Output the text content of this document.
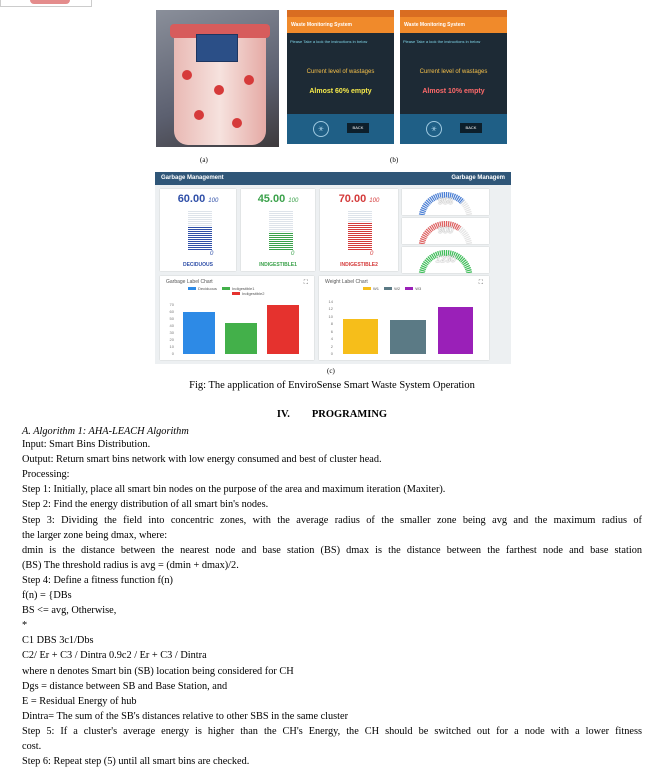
Waste Monitoring System
Please Take a look the instructions in below
Current level of wastages
Almost 60% empty
⚹	BACK
Waste Monitoring System
Please Take a look the instructions in below
Current level of wastages
Almost 10% empty
⚹	BACK
(a)	(b)
Garbage Management	Garbage Managem
60.00 100
0
DECIDUOUS
45.00 100
0
INDIGESTIBLE1
70.00 100
0
INDIGESTIBLE2
956
900
1230
Garbage Label Chart	⛶
Deciduous	Indigestible1
Indigestible2
0
10
20
30
40
50
60
70
Weight Label Chart	⛶
W1	W2	W3
0
2
4
6
8
10
12
14
(c)
Fig: The application of EnviroSense Smart Waste System Operation
IV. PROGRAMING
A. Algorithm 1: AHA-LEACH Algorithm
Input: Smart Bins Distribution.
Output: Return smart bins network with low energy consumed and best of cluster head.
Processing:
Step 1: Initially, place all smart bin nodes on the purpose of the area and maximum iteration (Maxiter).
Step 2: Find the energy distribution of all smart bin's nodes.
Step 3: Dividing the field into concentric zones, with the average radius of the smaller zone being avg and the maximum radius of
the larger zone being dmax, where:
dmin is the distance between the nearest node and base station (BS) dmax is the distance between the farthest node and base station
(BS) The threshold radius is avg = (dmin + dmax)/2.
Step 4: Define a fitness function f(n)
f(n) = {DBs
BS <= avg, Otherwise,
*
C1 DBS 3c1/Dbs
C2/ Er + C3 / Dintra 0.9c2 / Er + C3 / Dintra
where n denotes Smart bin (SB) location being considered for CH
Dgs = distance between SB and Base Station, and
E = Residual Energy of hub
Dintra= The sum of the SB's distances relative to other SBS in the same cluster
Step 5: If a cluster's average energy is higher than the CH's Energy, the CH should be switched out for a node with a lower fitness
cost.
Step 6: Repeat step (5) until all smart bins are checked.
